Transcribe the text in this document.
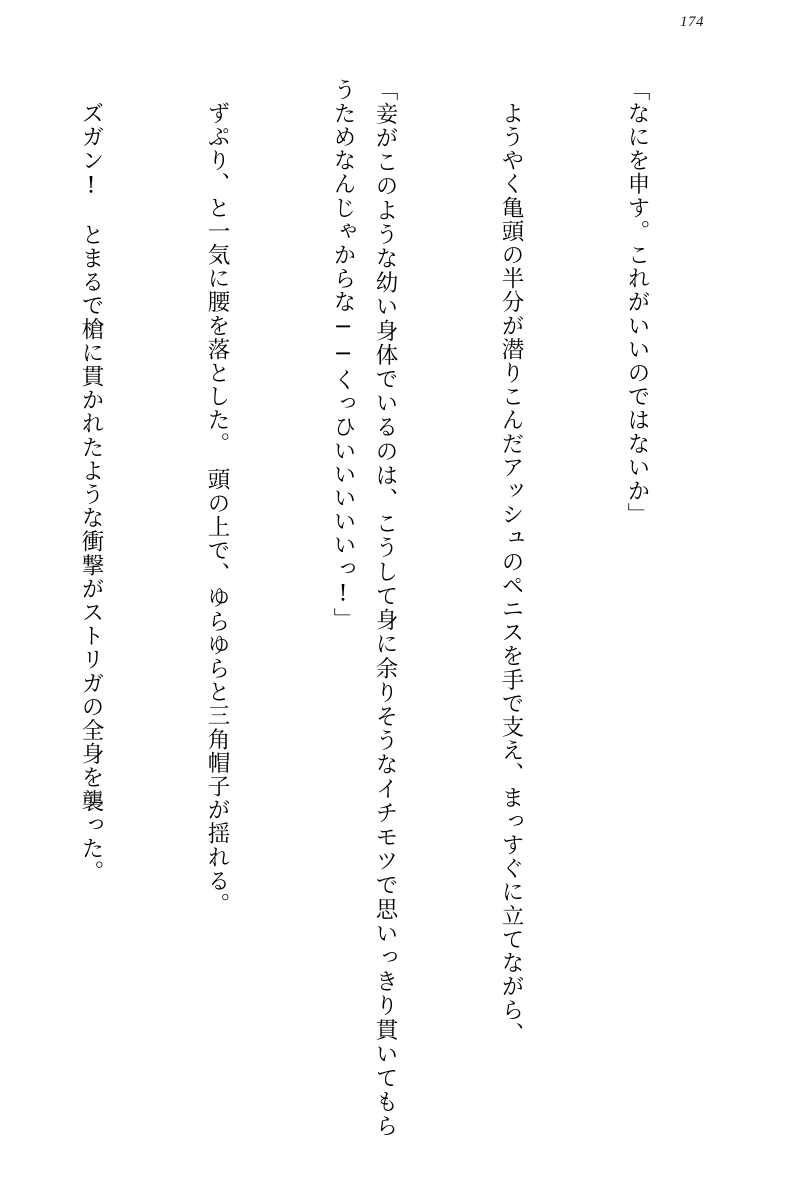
174

「なにを申す。これがいいのではないか」

　ようやく亀頭の半分が潜りこんだアッシュのペニスを手で支え、まっすぐに立てながら、

「妾がこのような幼い身体でいるのは、こうして身に余りそうなイチモツで思いっきり貫いてもらうためなんじゃからな──くっひいいいいいっ!」

　ずぷり、と一気に腰を落とした。　頭の上で、ゆらゆらと三角帽子が揺れる。

　ズガン!　とまるで槍に貫かれたような衝撃がストリガの全身を襲った。
